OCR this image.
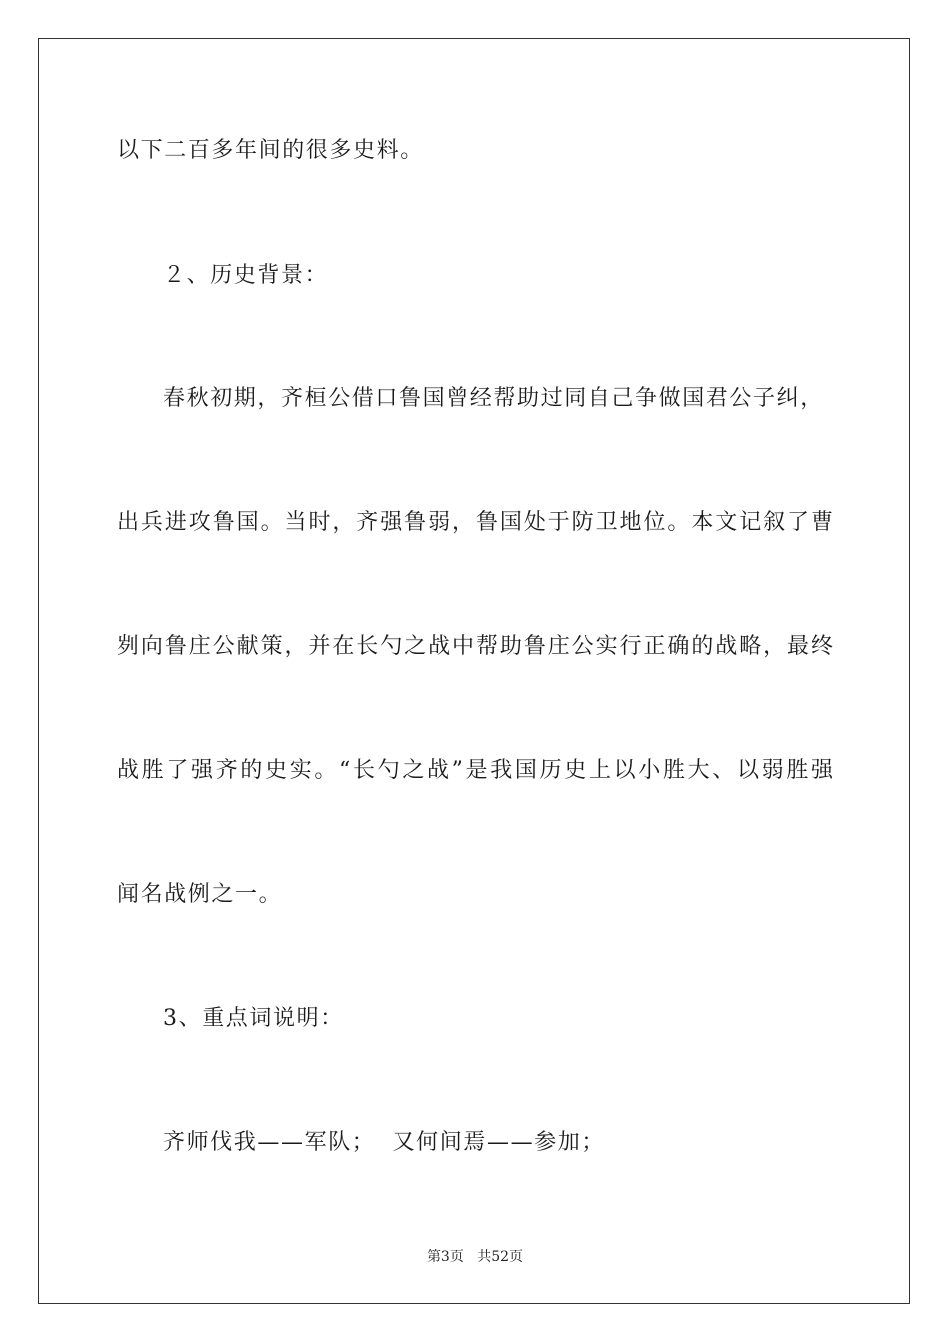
以下二百多年间的很多史料。
２、历史背景：
春秋初期，齐桓公借口鲁国曾经帮助过同自己争做国君公子纠，
出兵进攻鲁国。当时，齐强鲁弱，鲁国处于防卫地位。本文记叙了曹
刿向鲁庄公献策，并在长勺之战中帮助鲁庄公实行正确的战略，最终
战胜了强齐的史实。“长勺之战”是我国历史上以小胜大、以弱胜强
闻名战例之一。
3、重点词说明：
齐师伐我——军队；  又何间焉——参加；
第3页 共52页
